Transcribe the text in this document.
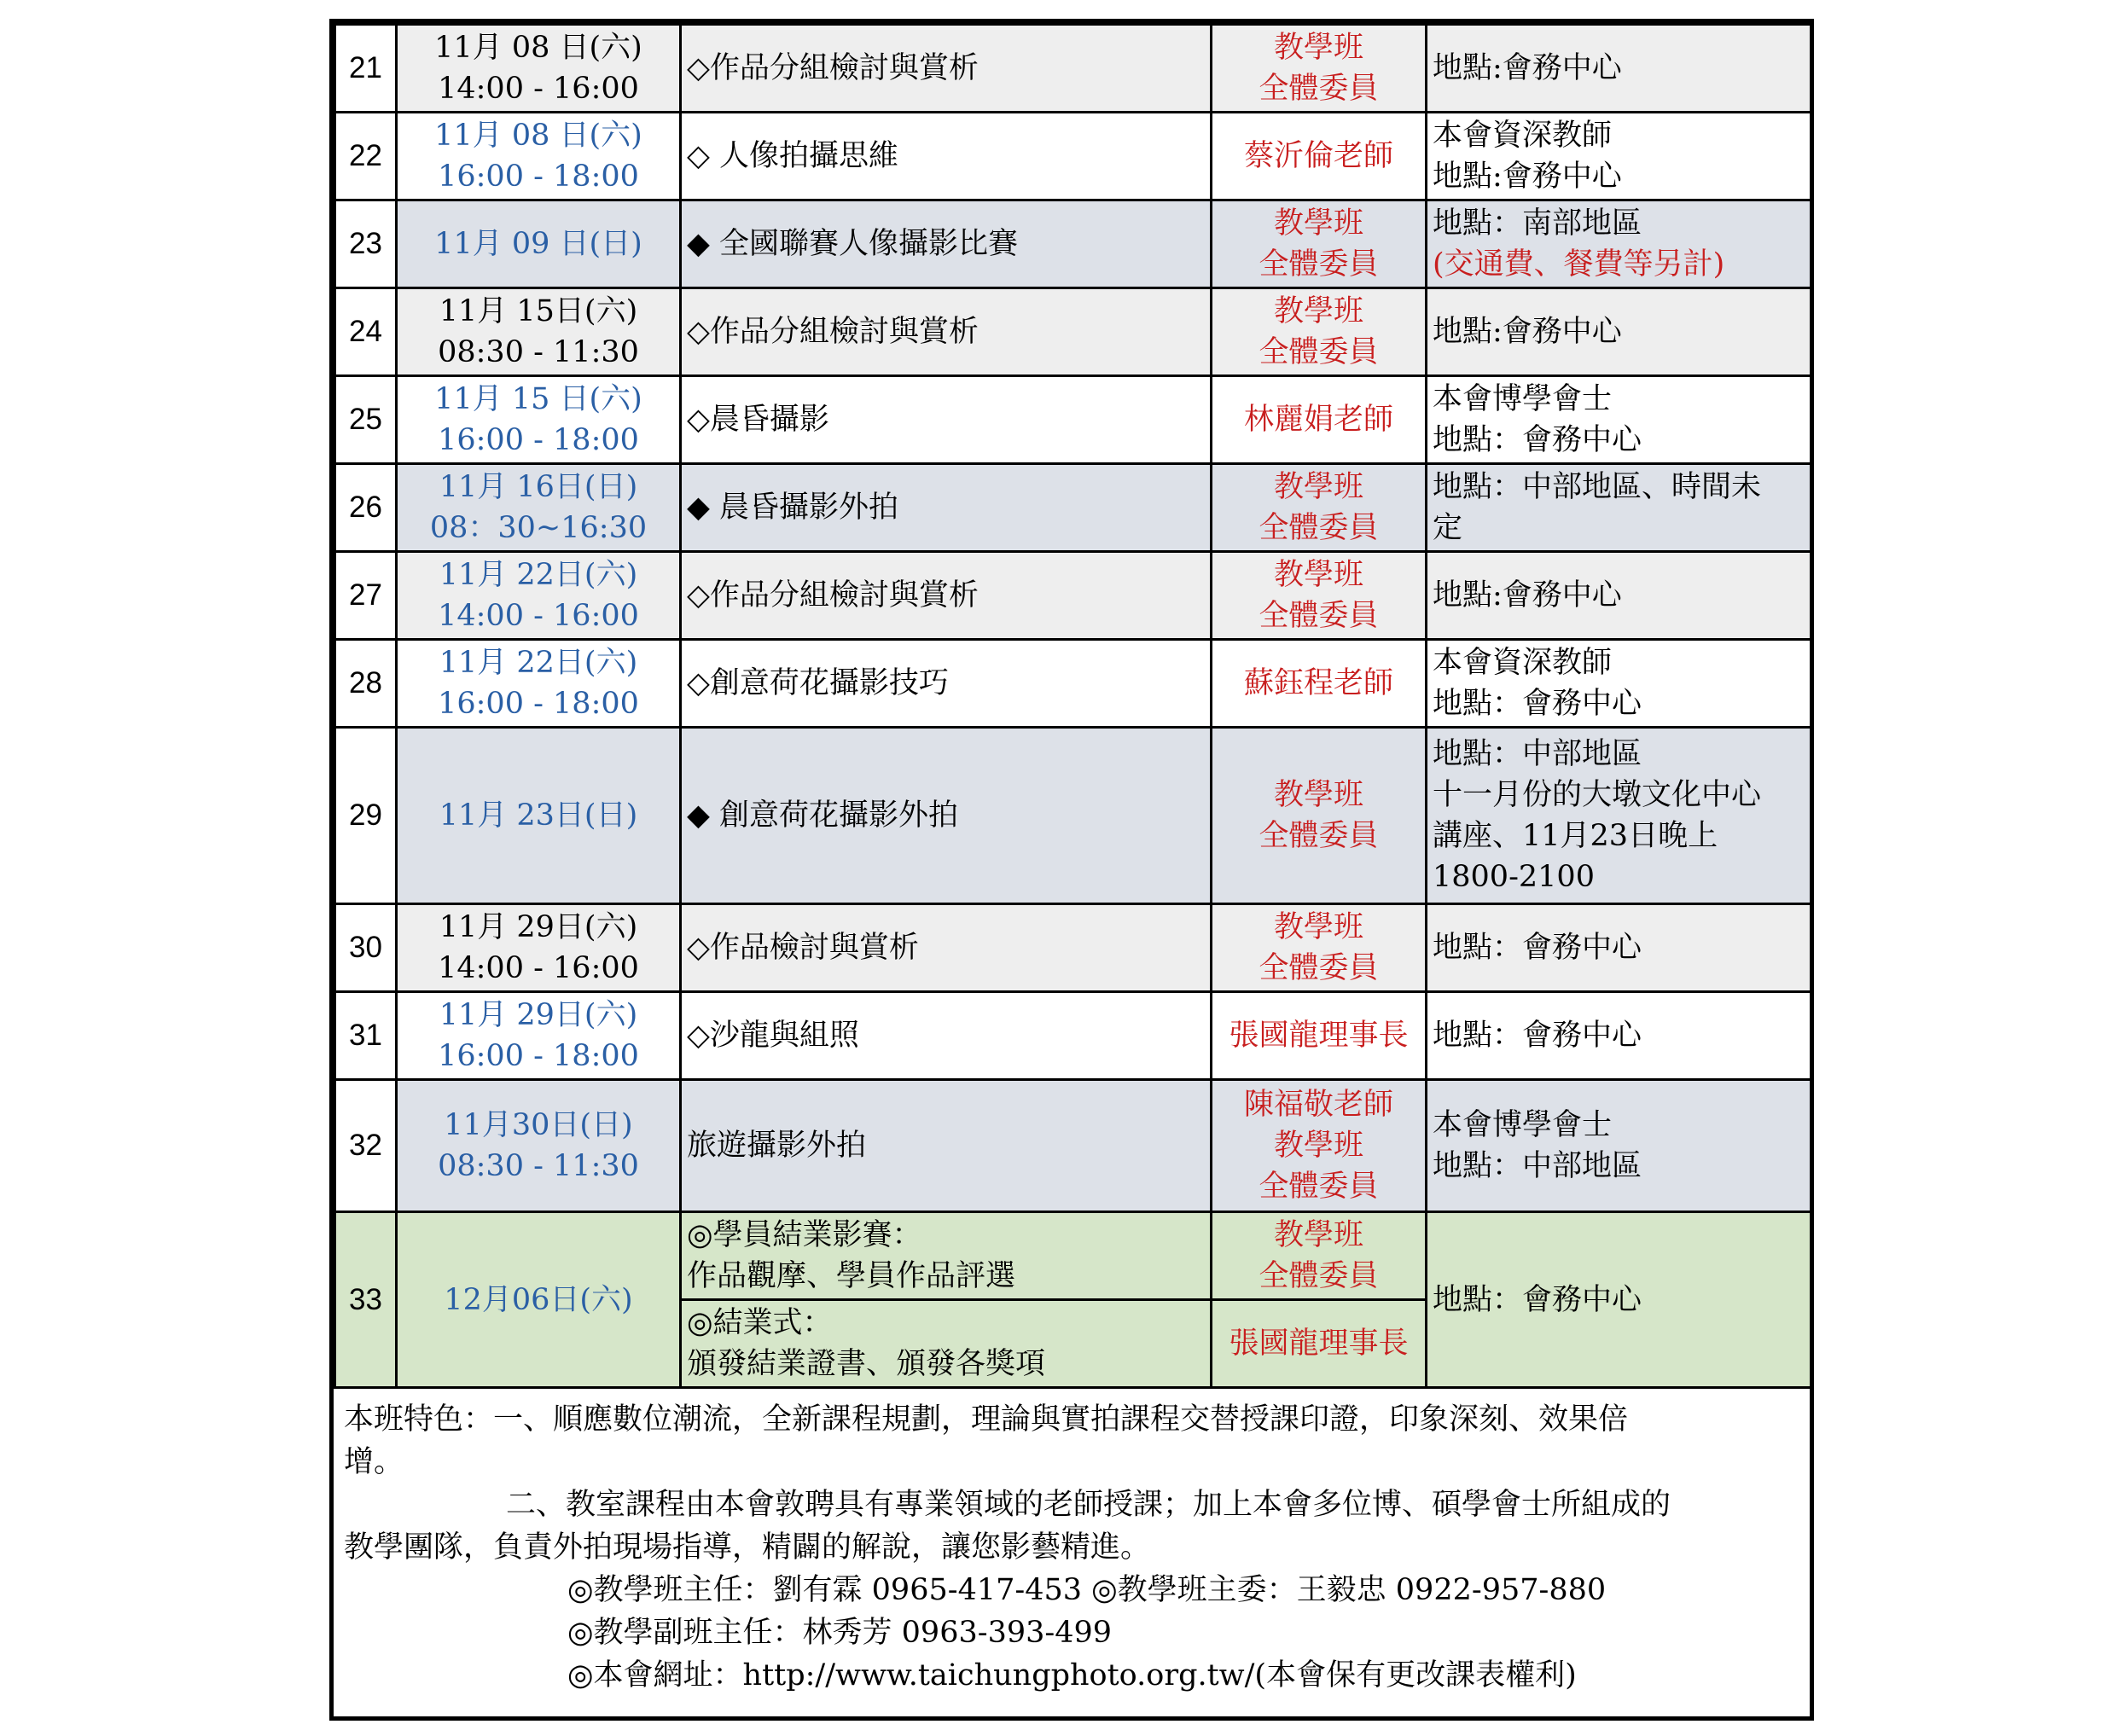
21	11月 08 日(六)
14:00 - 16:00	◇作品分組檢討與賞析	教學班
全體委員	地點:會務中心

22	11月 08 日(六)
16:00 - 18:00	◇ 人像拍攝思維	蔡沂倫老師	本會資深教師
地點:會務中心

23	11月 09 日(日)	◆ 全國聯賽人像攝影比賽	教學班
全體委員	地點：南部地區
(交通費、餐費等另計)

24	11月 15日(六)
08:30 - 11:30	◇作品分組檢討與賞析	教學班
全體委員	地點:會務中心

25	11月 15 日(六)
16:00 - 18:00	◇晨昏攝影	林麗娟老師	本會博學會士
地點：會務中心

26	11月 16日(日)
08：30~16:30	◆ 晨昏攝影外拍	教學班
全體委員	地點：中部地區、時間未
定

27	11月 22日(六)
14:00 - 16:00	◇作品分組檢討與賞析	教學班
全體委員	地點:會務中心

28	11月 22日(六)
16:00 - 18:00	◇創意荷花攝影技巧	蘇鈺程老師	本會資深教師
地點：會務中心

29	11月 23日(日)	◆ 創意荷花攝影外拍	教學班
全體委員	地點：中部地區
十一月份的大墩文化中心
講座、11月23日晚上
1800-2100

30	11月 29日(六)
14:00 - 16:00	◇作品檢討與賞析	教學班
全體委員	地點：會務中心

31	11月 29日(六)
16:00 - 18:00	◇沙龍與組照	張國龍理事長	地點：會務中心

32	11月30日(日)
08:30 - 11:30	旅遊攝影外拍	陳福敬老師
教學班
全體委員	本會博學會士
地點：中部地區

33	12月06日(六)	◎學員結業影賽：
作品觀摩、學員作品評選	教學班
全體委員	地點：會務中心

		◎結業式：
頒發結業證書、頒發各獎項	張國龍理事長	

本班特色：一、順應數位潮流，全新課程規劃，理論與實拍課程交替授課印證，印象深刻、效果倍

增。

二、教室課程由本會敦聘具有專業領域的老師授課；加上本會多位博、碩學會士所組成的

教學團隊，負責外拍現場指導，精闢的解說，讓您影藝精進。

◎教學班主任：劉有霖 0965-417-453 ◎教學班主委：王毅忠 0922-957-880

◎教學副班主任：林秀芳 0963-393-499

◎本會網址：http://www.taichungphoto.org.tw/(本會保有更改課表權利)
